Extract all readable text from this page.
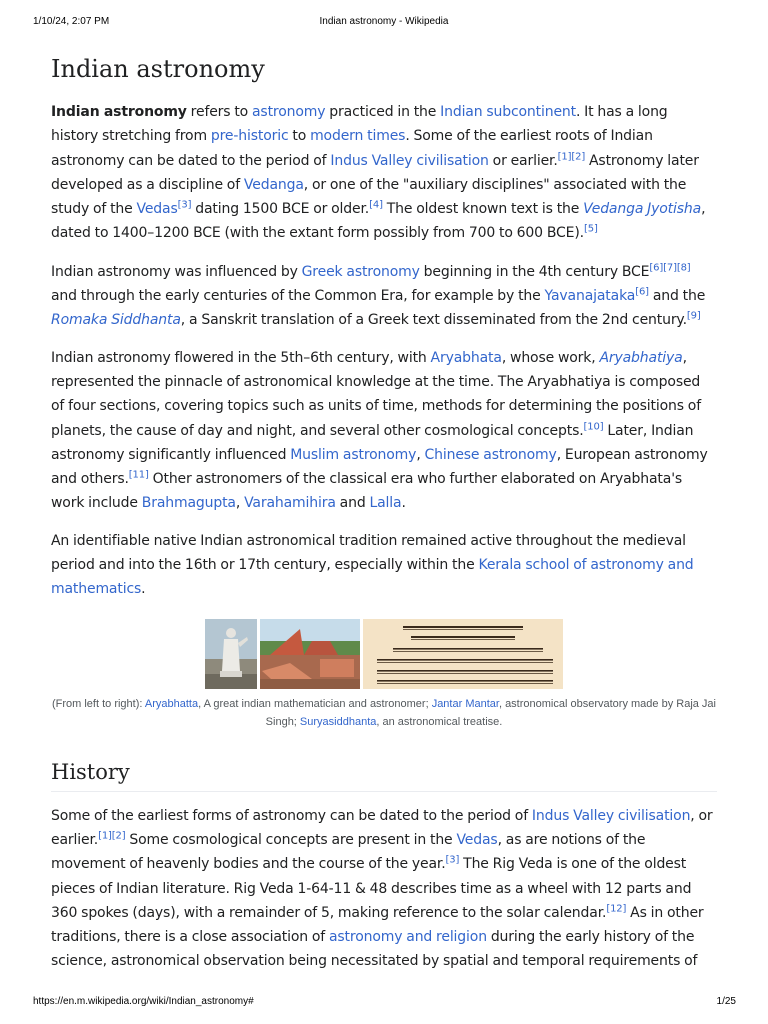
1/10/24, 2:07 PM	Indian astronomy - Wikipedia
Indian astronomy

Indian astronomy refers to astronomy practiced in the Indian subcontinent. It has a long history stretching from pre-historic to modern times. Some of the earliest roots of Indian astronomy can be dated to the period of Indus Valley civilisation or earlier.[1][2] Astronomy later developed as a discipline of Vedanga, or one of the "auxiliary disciplines" associated with the study of the Vedas[3] dating 1500 BCE or older.[4] The oldest known text is the Vedanga Jyotisha, dated to 1400–1200 BCE (with the extant form possibly from 700 to 600 BCE).[5]

Indian astronomy was influenced by Greek astronomy beginning in the 4th century BCE[6][7][8] and through the early centuries of the Common Era, for example by the Yavanajataka[6] and the Romaka Siddhanta, a Sanskrit translation of a Greek text disseminated from the 2nd century.[9]

Indian astronomy flowered in the 5th–6th century, with Aryabhata, whose work, Aryabhatiya, represented the pinnacle of astronomical knowledge at the time. The Aryabhatiya is composed of four sections, covering topics such as units of time, methods for determining the positions of planets, the cause of day and night, and several other cosmological concepts.[10] Later, Indian astronomy significantly influenced Muslim astronomy, Chinese astronomy, European astronomy and others.[11] Other astronomers of the classical era who further elaborated on Aryabhata's work include Brahmagupta, Varahamihira and Lalla.

An identifiable native Indian astronomical tradition remained active throughout the medieval period and into the 16th or 17th century, especially within the Kerala school of astronomy and mathematics.

(From left to right): Aryabhatta, A great indian mathematician and astronomer; Jantar Mantar, astronomical observatory made by Raja Jai Singh; Suryasiddhanta, an astronomical treatise.
History

Some of the earliest forms of astronomy can be dated to the period of Indus Valley civilisation, or earlier.[1][2] Some cosmological concepts are present in the Vedas, as are notions of the movement of heavenly bodies and the course of the year.[3] The Rig Veda is one of the oldest pieces of Indian literature. Rig Veda 1-64-11 & 48 describes time as a wheel with 12 parts and 360 spokes (days), with a remainder of 5, making reference to the solar calendar.[12] As in other traditions, there is a close association of astronomy and religion during the early history of the science, astronomical observation being necessitated by spatial and temporal requirements of

https://en.m.wikipedia.org/wiki/Indian_astronomy#	1/25
